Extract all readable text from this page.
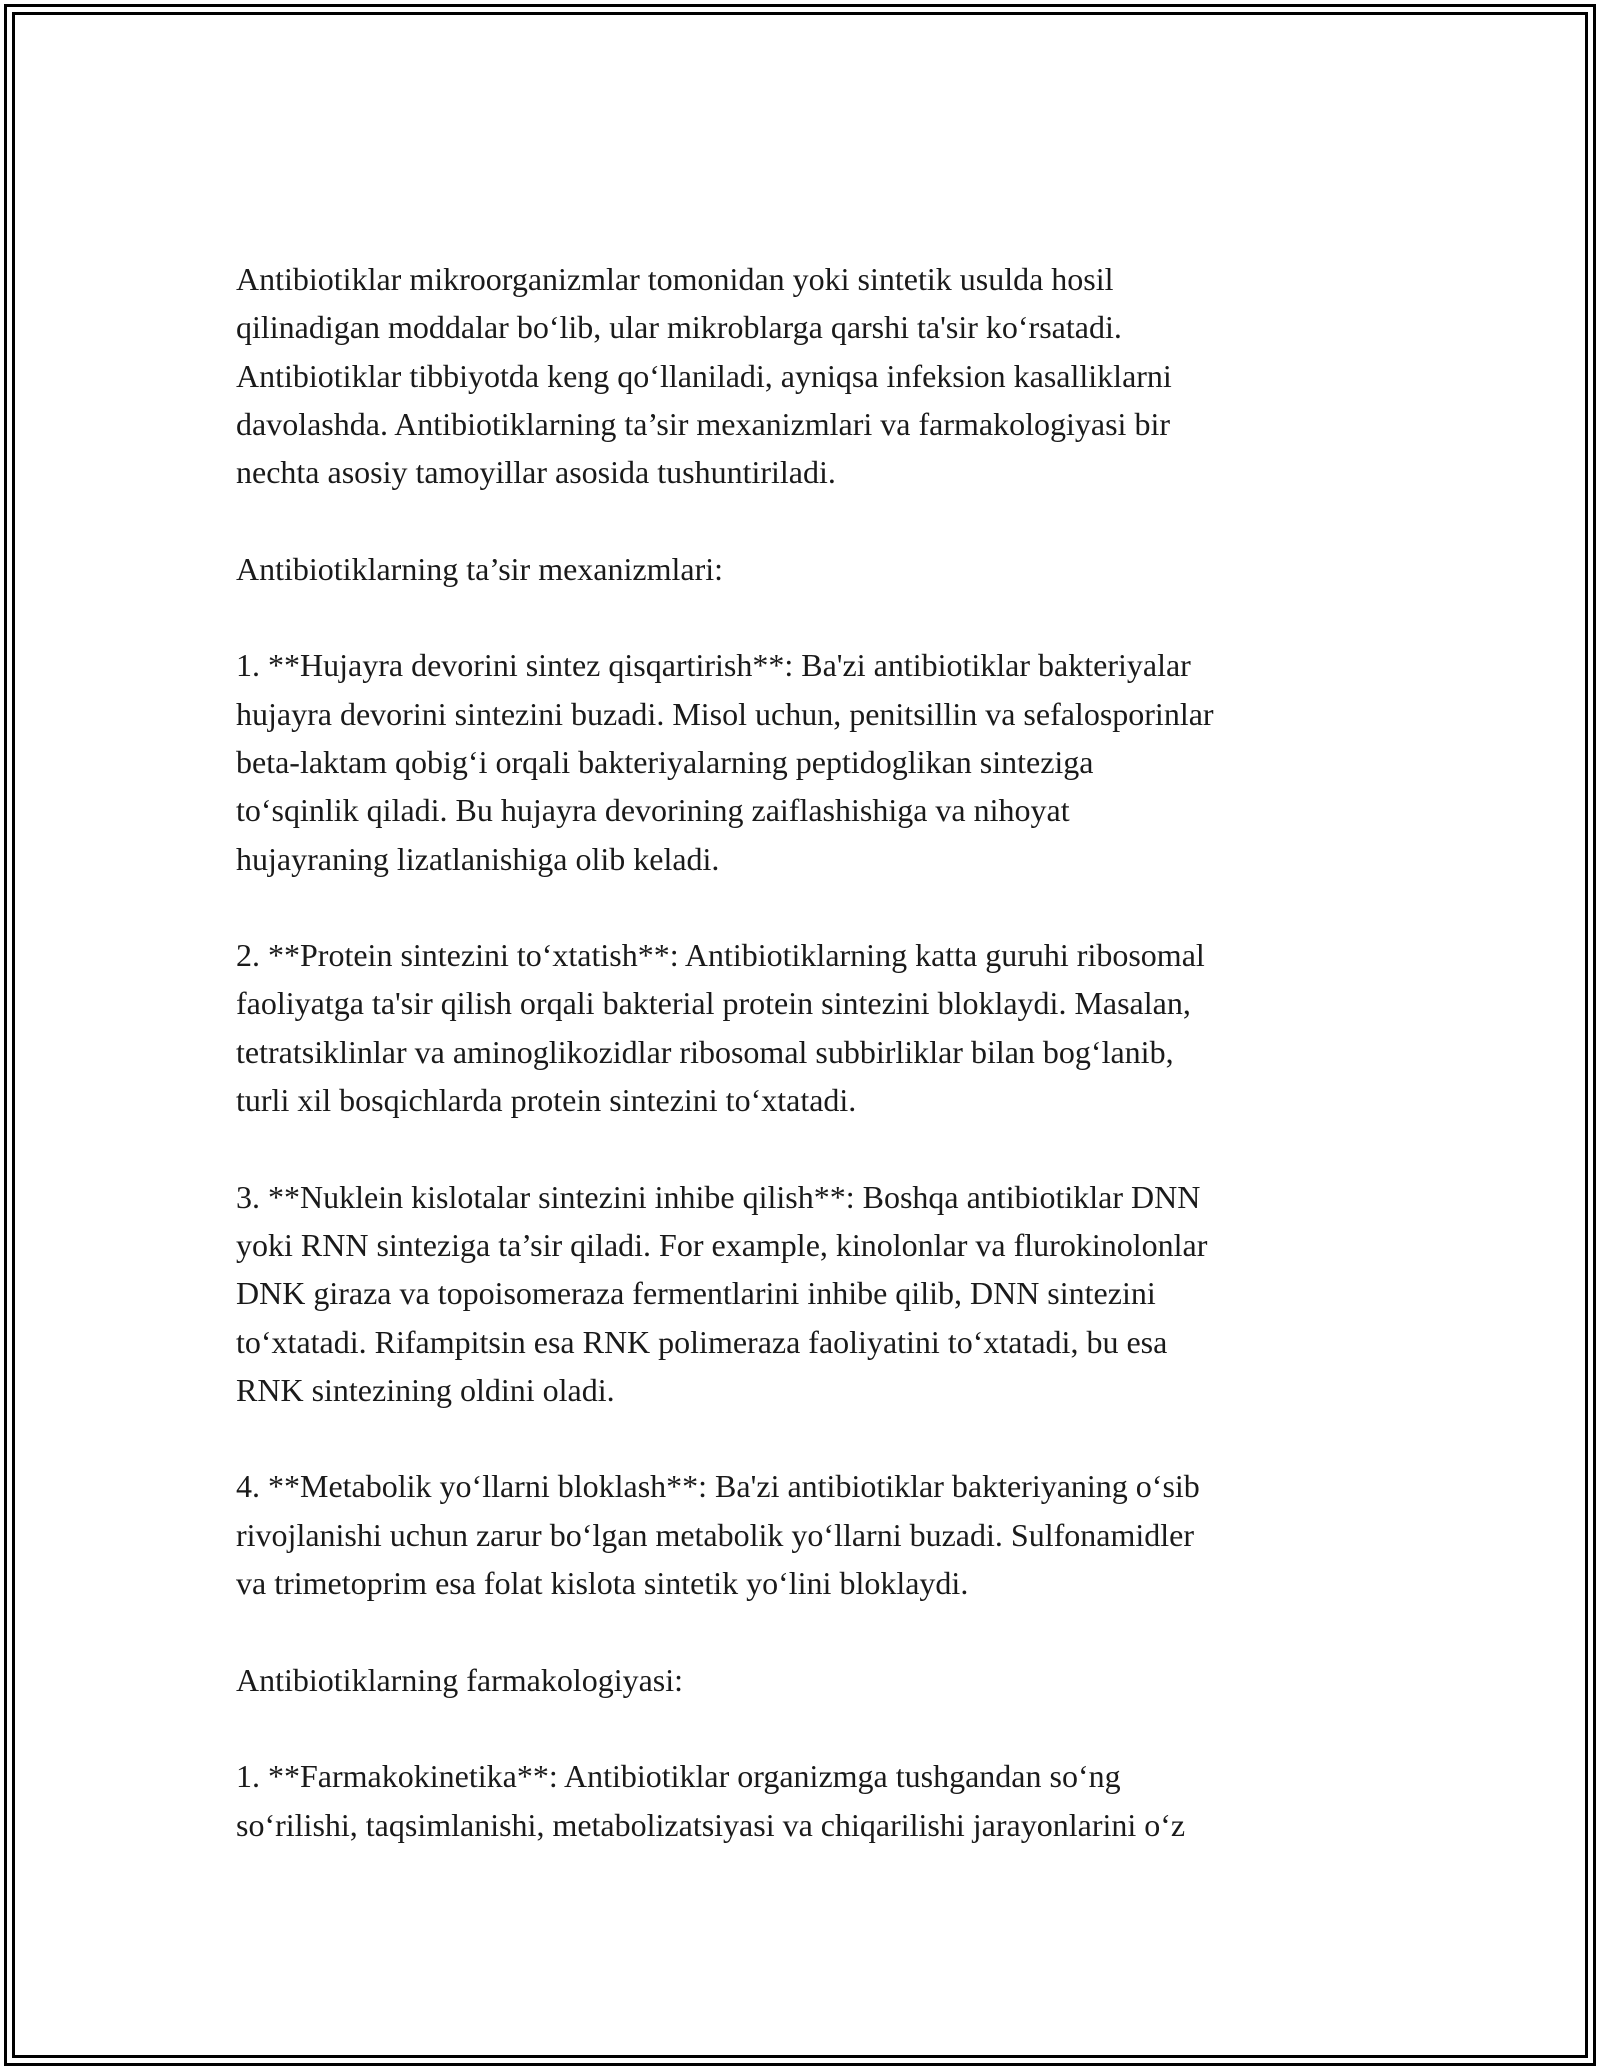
Antibiotiklar mikroorganizmlar tomonidan yoki sintetik usulda hosil
qilinadigan moddalar bo‘lib, ular mikroblarga qarshi ta'sir ko‘rsatadi.
Antibiotiklar tibbiyotda keng qo‘llaniladi, ayniqsa infeksion kasalliklarni
davolashda. Antibiotiklarning ta’sir mexanizmlari va farmakologiyasi bir
nechta asosiy tamoyillar asosida tushuntiriladi.

Antibiotiklarning ta’sir mexanizmlari:

1. **Hujayra devorini sintez qisqartirish**: Ba'zi antibiotiklar bakteriyalar
hujayra devorini sintezini buzadi. Misol uchun, penitsillin va sefalosporinlar
beta-laktam qobig‘i orqali bakteriyalarning peptidoglikan sinteziga
to‘sqinlik qiladi. Bu hujayra devorining zaiflashishiga va nihoyat
hujayraning lizatlanishiga olib keladi.

2. **Protein sintezini to‘xtatish**: Antibiotiklarning katta guruhi ribosomal
faoliyatga ta'sir qilish orqali bakterial protein sintezini bloklaydi. Masalan,
tetratsiklinlar va aminoglikozidlar ribosomal subbirliklar bilan bog‘lanib,
turli xil bosqichlarda protein sintezini to‘xtatadi.

3. **Nuklein kislotalar sintezini inhibe qilish**: Boshqa antibiotiklar DNN
yoki RNN sinteziga ta’sir qiladi. For example, kinolonlar va flurokinolonlar
DNK giraza va topoisomeraza fermentlarini inhibe qilib, DNN sintezini
to‘xtatadi. Rifampitsin esa RNK polimeraza faoliyatini to‘xtatadi, bu esa
RNK sintezining oldini oladi.

4. **Metabolik yo‘llarni bloklash**: Ba'zi antibiotiklar bakteriyaning o‘sib
rivojlanishi uchun zarur bo‘lgan metabolik yo‘llarni buzadi. Sulfonamidler
va trimetoprim esa folat kislota sintetik yo‘lini bloklaydi.

Antibiotiklarning farmakologiyasi:

1. **Farmakokinetika**: Antibiotiklar organizmga tushgandan so‘ng
so‘rilishi, taqsimlanishi, metabolizatsiyasi va chiqarilishi jarayonlarini o‘z
